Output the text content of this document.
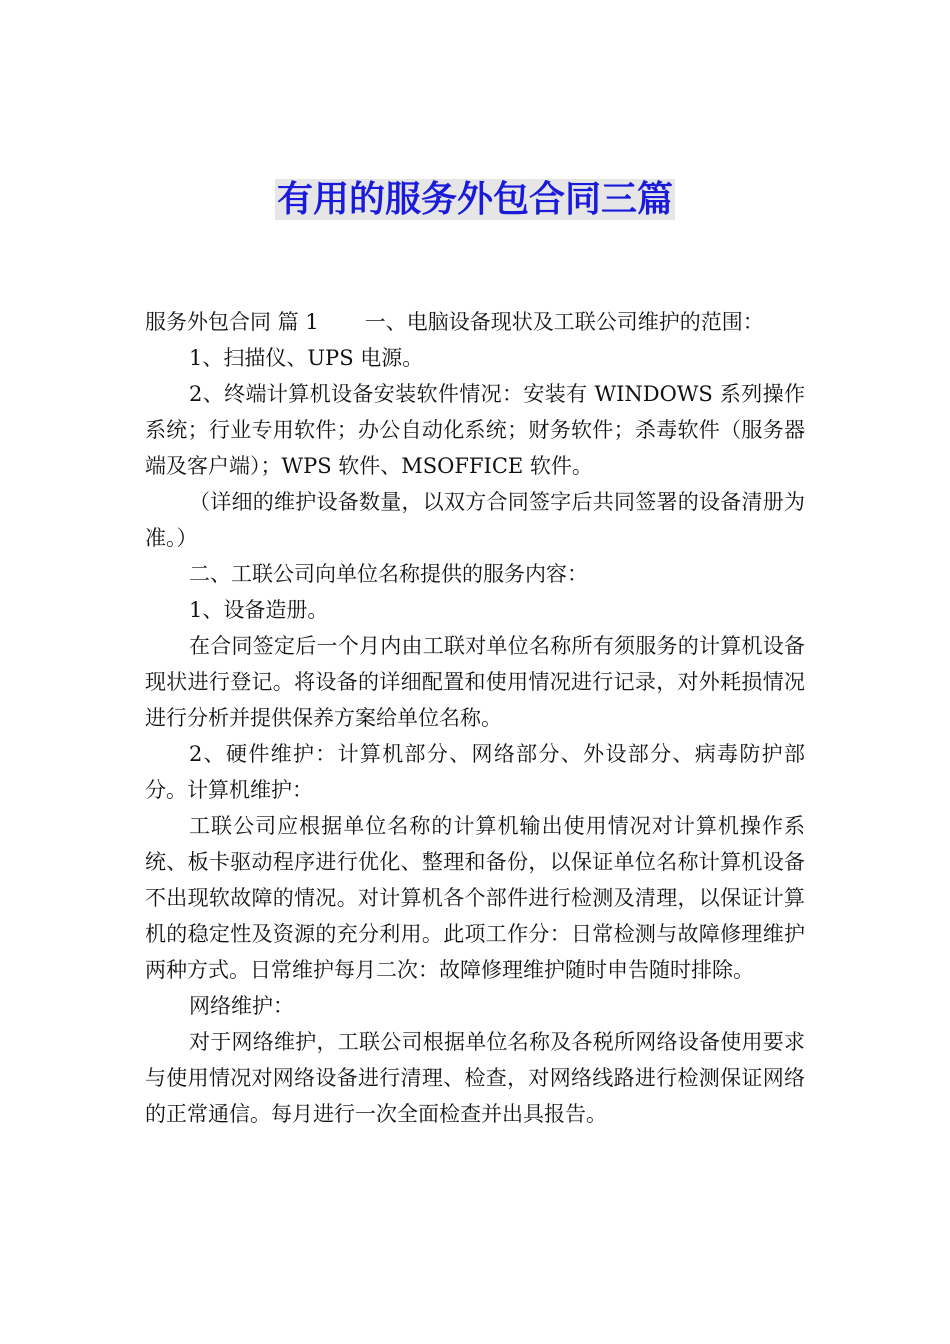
有用的服务外包合同三篇

服务外包合同 篇 1 一、电脑设备现状及工联公司维护的范围：

1、扫描仪、UPS 电源。

2、终端计算机设备安装软件情况：安装有 WINDOWS 系列操作系统；行业专用软件；办公自动化系统；财务软件；杀毒软件（服务器端及客户端）；WPS 软件、MSOFFICE 软件。

（详细的维护设备数量，以双方合同签字后共同签署的设备清册为准。）

二、工联公司向单位名称提供的服务内容：

1、设备造册。

在合同签定后一个月内由工联对单位名称所有须服务的计算机设备现状进行登记。将设备的详细配置和使用情况进行记录，对外耗损情况进行分析并提供保养方案给单位名称。

2、硬件维护：计算机部分、网络部分、外设部分、病毒防护部分。计算机维护：

工联公司应根据单位名称的计算机输出使用情况对计算机操作系统、板卡驱动程序进行优化、整理和备份，以保证单位名称计算机设备不出现软故障的情况。对计算机各个部件进行检测及清理，以保证计算机的稳定性及资源的充分利用。此项工作分：日常检测与故障修理维护两种方式。日常维护每月二次：故障修理维护随时申告随时排除。

网络维护：

对于网络维护，工联公司根据单位名称及各税所网络设备使用要求与使用情况对网络设备进行清理、检查，对网络线路进行检测保证网络的正常通信。每月进行一次全面检查并出具报告。
